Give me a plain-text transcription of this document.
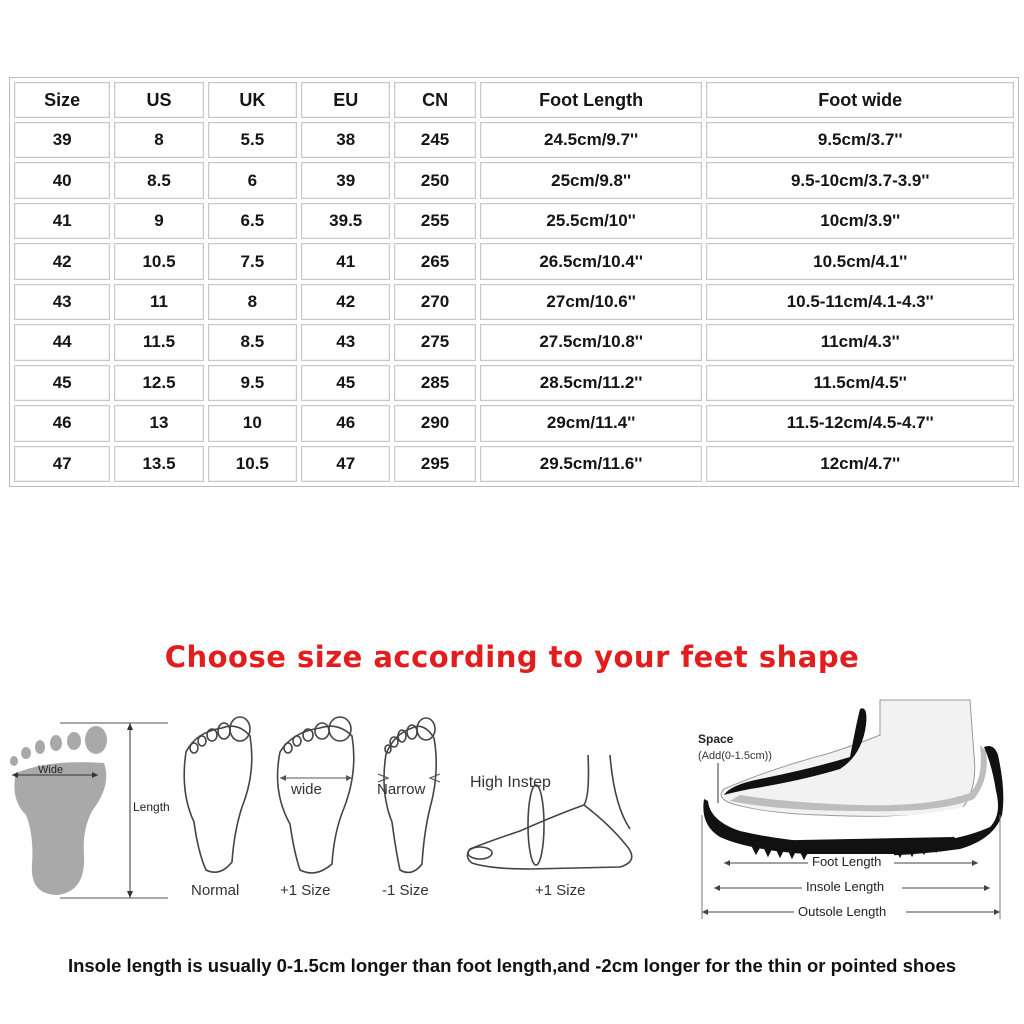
Size	US	UK	EU	CN	Foot Length	Foot wide
39	8	5.5	38	245	24.5cm/9.7''	9.5cm/3.7''
40	8.5	6	39	250	25cm/9.8''	9.5-10cm/3.7-3.9''
41	9	6.5	39.5	255	25.5cm/10''	10cm/3.9''
42	10.5	7.5	41	265	26.5cm/10.4''	10.5cm/4.1''
43	11	8	42	270	27cm/10.6''	10.5-11cm/4.1-4.3''
44	11.5	8.5	43	275	27.5cm/10.8''	11cm/4.3''
45	12.5	9.5	45	285	28.5cm/11.2''	11.5cm/4.5''
46	13	10	46	290	29cm/11.4''	11.5-12cm/4.5-4.7''
47	13.5	10.5	47	295	29.5cm/11.6''	12cm/4.7''
Choose size according to your feet shape
Wide
Length
Normal
wide
+1 Size
Narrow
-1 Size
High Instep
+1 Size
Space
(Add(0-1.5cm))
Foot Length
Insole Length
Outsole Length
Insole length is usually 0-1.5cm longer than foot length,and -2cm longer for the thin or pointed shoes
